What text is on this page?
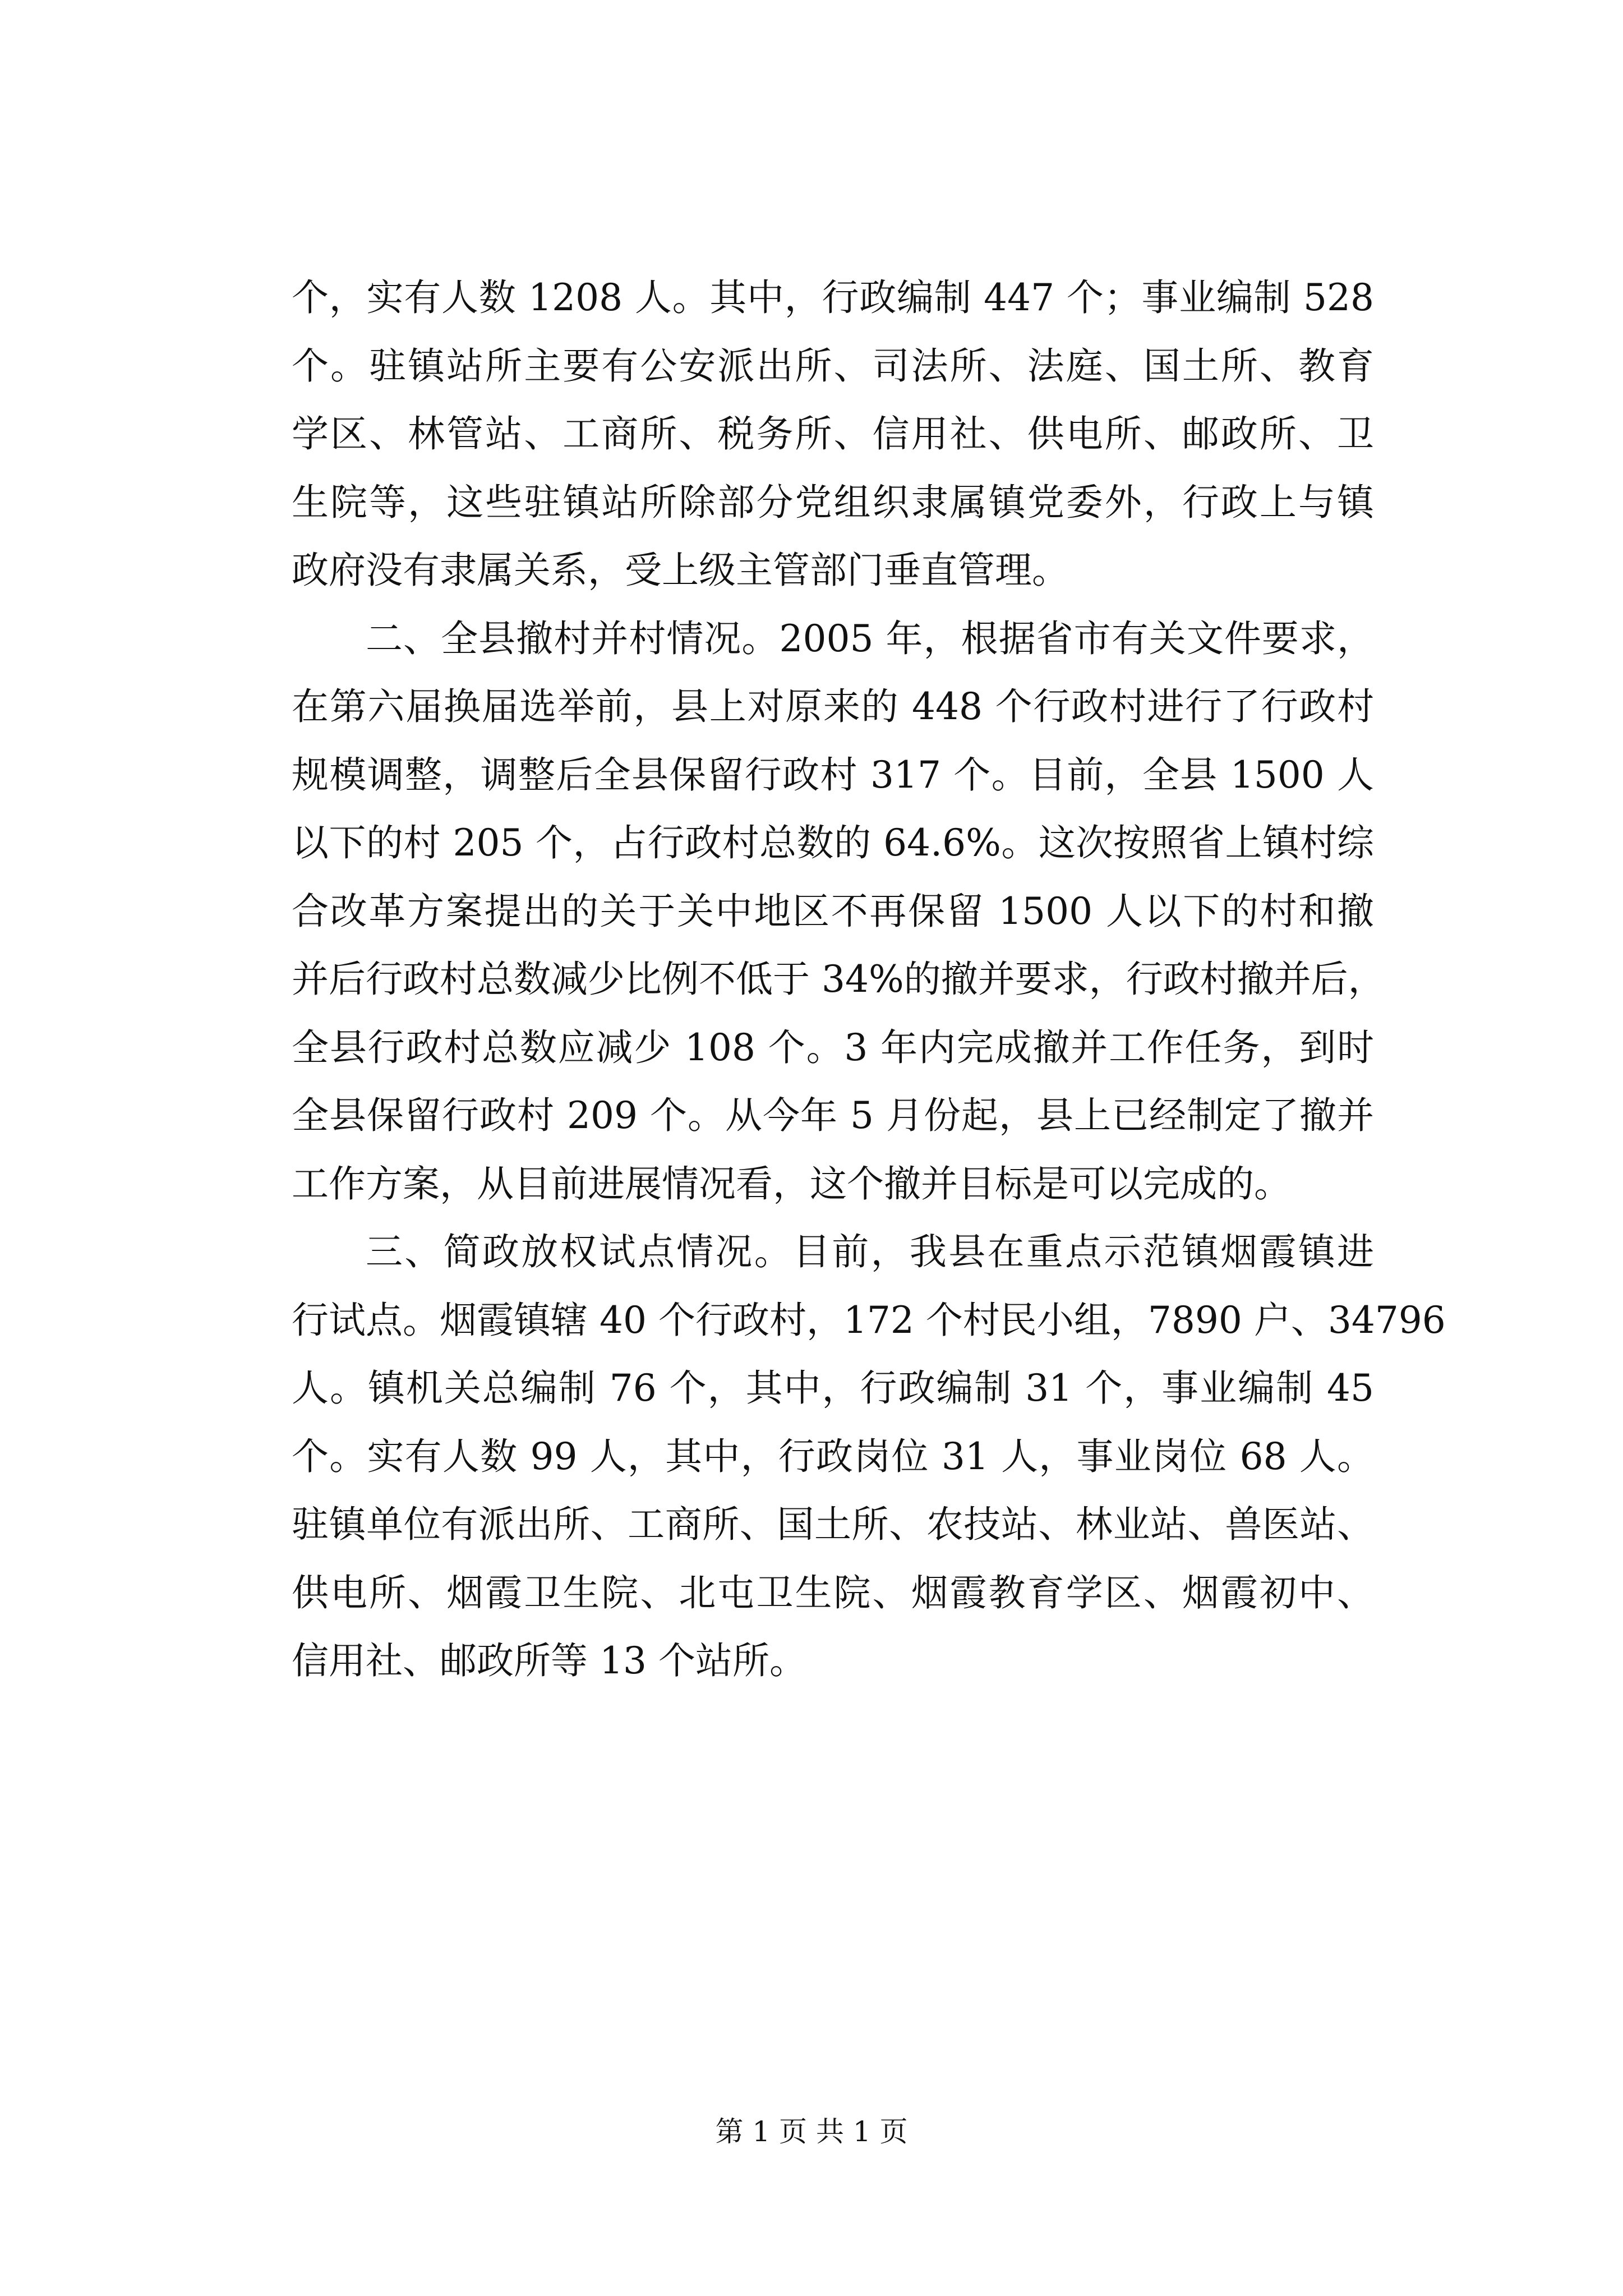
个，实有人数 1208 人。其中，行政编制 447 个；事业编制 528
个。驻镇站所主要有公安派出所、司法所、法庭、国土所、教育
学区、林管站、工商所、税务所、信用社、供电所、邮政所、卫
生院等，这些驻镇站所除部分党组织隶属镇党委外，行政上与镇
政府没有隶属关系，受上级主管部门垂直管理。
二、全县撤村并村情况。2005 年，根据省市有关文件要求，
在第六届换届选举前，县上对原来的 448 个行政村进行了行政村
规模调整，调整后全县保留行政村 317 个。目前，全县 1500 人
以下的村 205 个，占行政村总数的 64.6%。这次按照省上镇村综
合改革方案提出的关于关中地区不再保留 1500 人以下的村和撤
并后行政村总数减少比例不低于 34%的撤并要求，行政村撤并后，
全县行政村总数应减少 108 个。3 年内完成撤并工作任务，到时
全县保留行政村 209 个。从今年 5 月份起，县上已经制定了撤并
工作方案，从目前进展情况看，这个撤并目标是可以完成的。
三、简政放权试点情况。目前，我县在重点示范镇烟霞镇进
行试点。烟霞镇辖 40 个行政村，172 个村民小组，7890 户、34796
人。镇机关总编制 76 个，其中，行政编制 31 个，事业编制 45
个。实有人数 99 人，其中，行政岗位 31 人，事业岗位 68 人。
驻镇单位有派出所、工商所、国土所、农技站、林业站、兽医站、
供电所、烟霞卫生院、北屯卫生院、烟霞教育学区、烟霞初中、
信用社、邮政所等 13 个站所。
第 1 页 共 1 页
